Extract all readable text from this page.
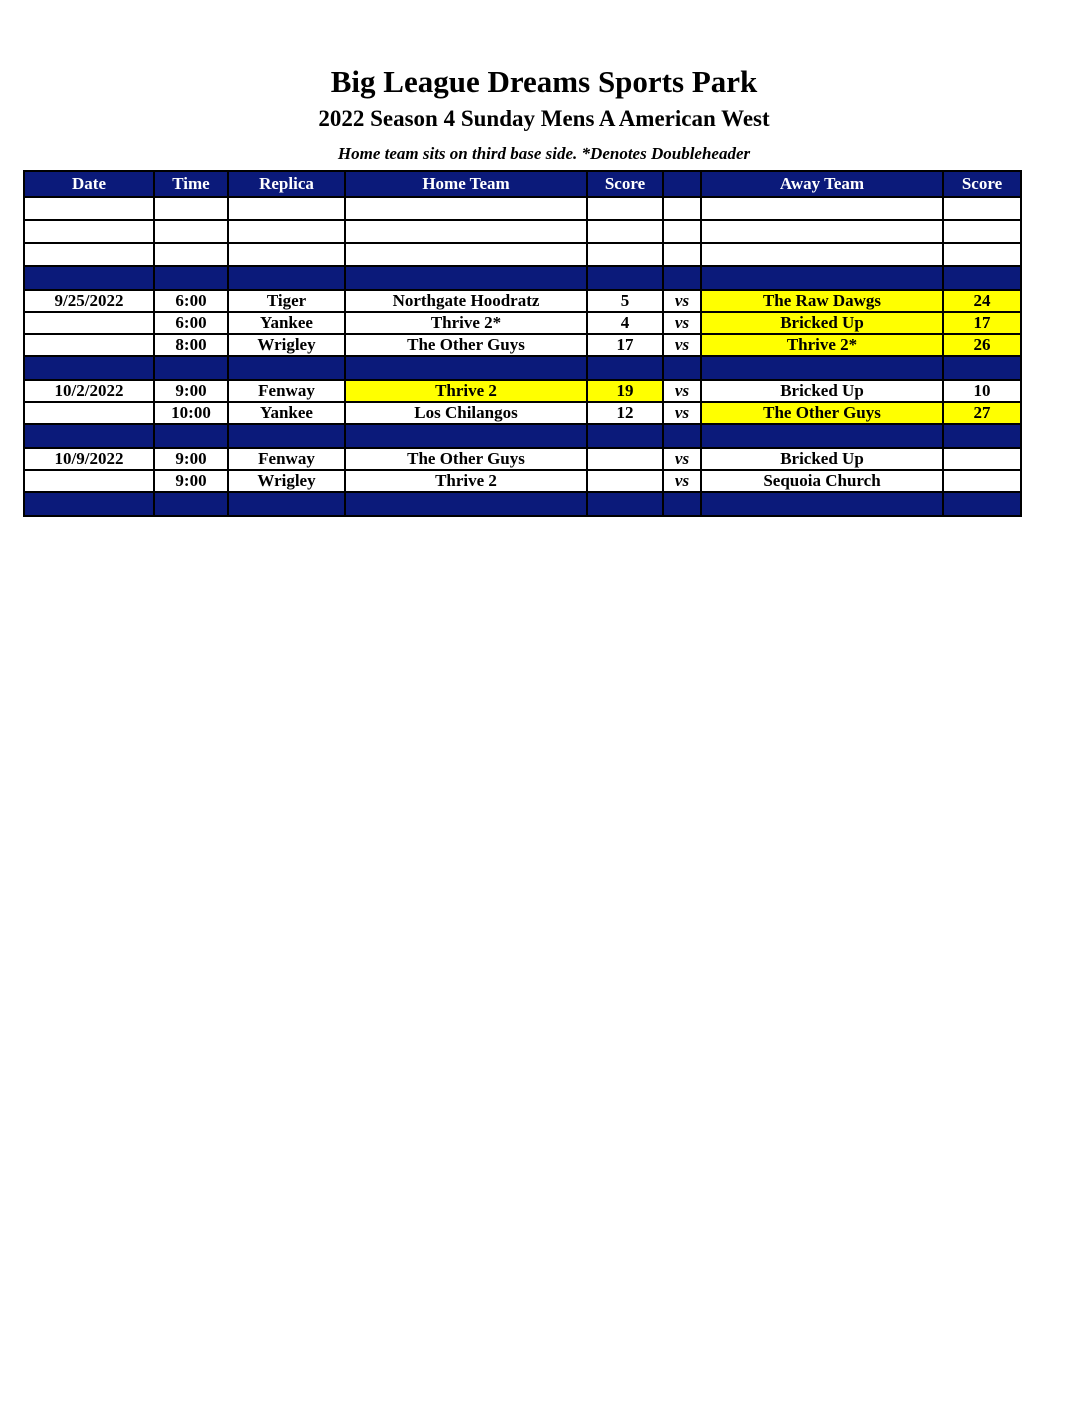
Big League Dreams Sports Park
2022 Season 4 Sunday Mens A American West

Home team sits on third base side. *Denotes Doubleheader

Date	Time	Replica	Home Team	Score		Away Team	Score

9/25/2022	6:00	Tiger	Northgate Hoodratz	5	vs	The Raw Dawgs	24
	6:00	Yankee	Thrive 2*	4	vs	Bricked Up	17
	8:00	Wrigley	The Other Guys	17	vs	Thrive 2*	26

10/2/2022	9:00	Fenway	Thrive 2	19	vs	Bricked Up	10
	10:00	Yankee	Los Chilangos	12	vs	The Other Guys	27

10/9/2022	9:00	Fenway	The Other Guys		vs	Bricked Up	
	9:00	Wrigley	Thrive 2		vs	Sequoia Church	
